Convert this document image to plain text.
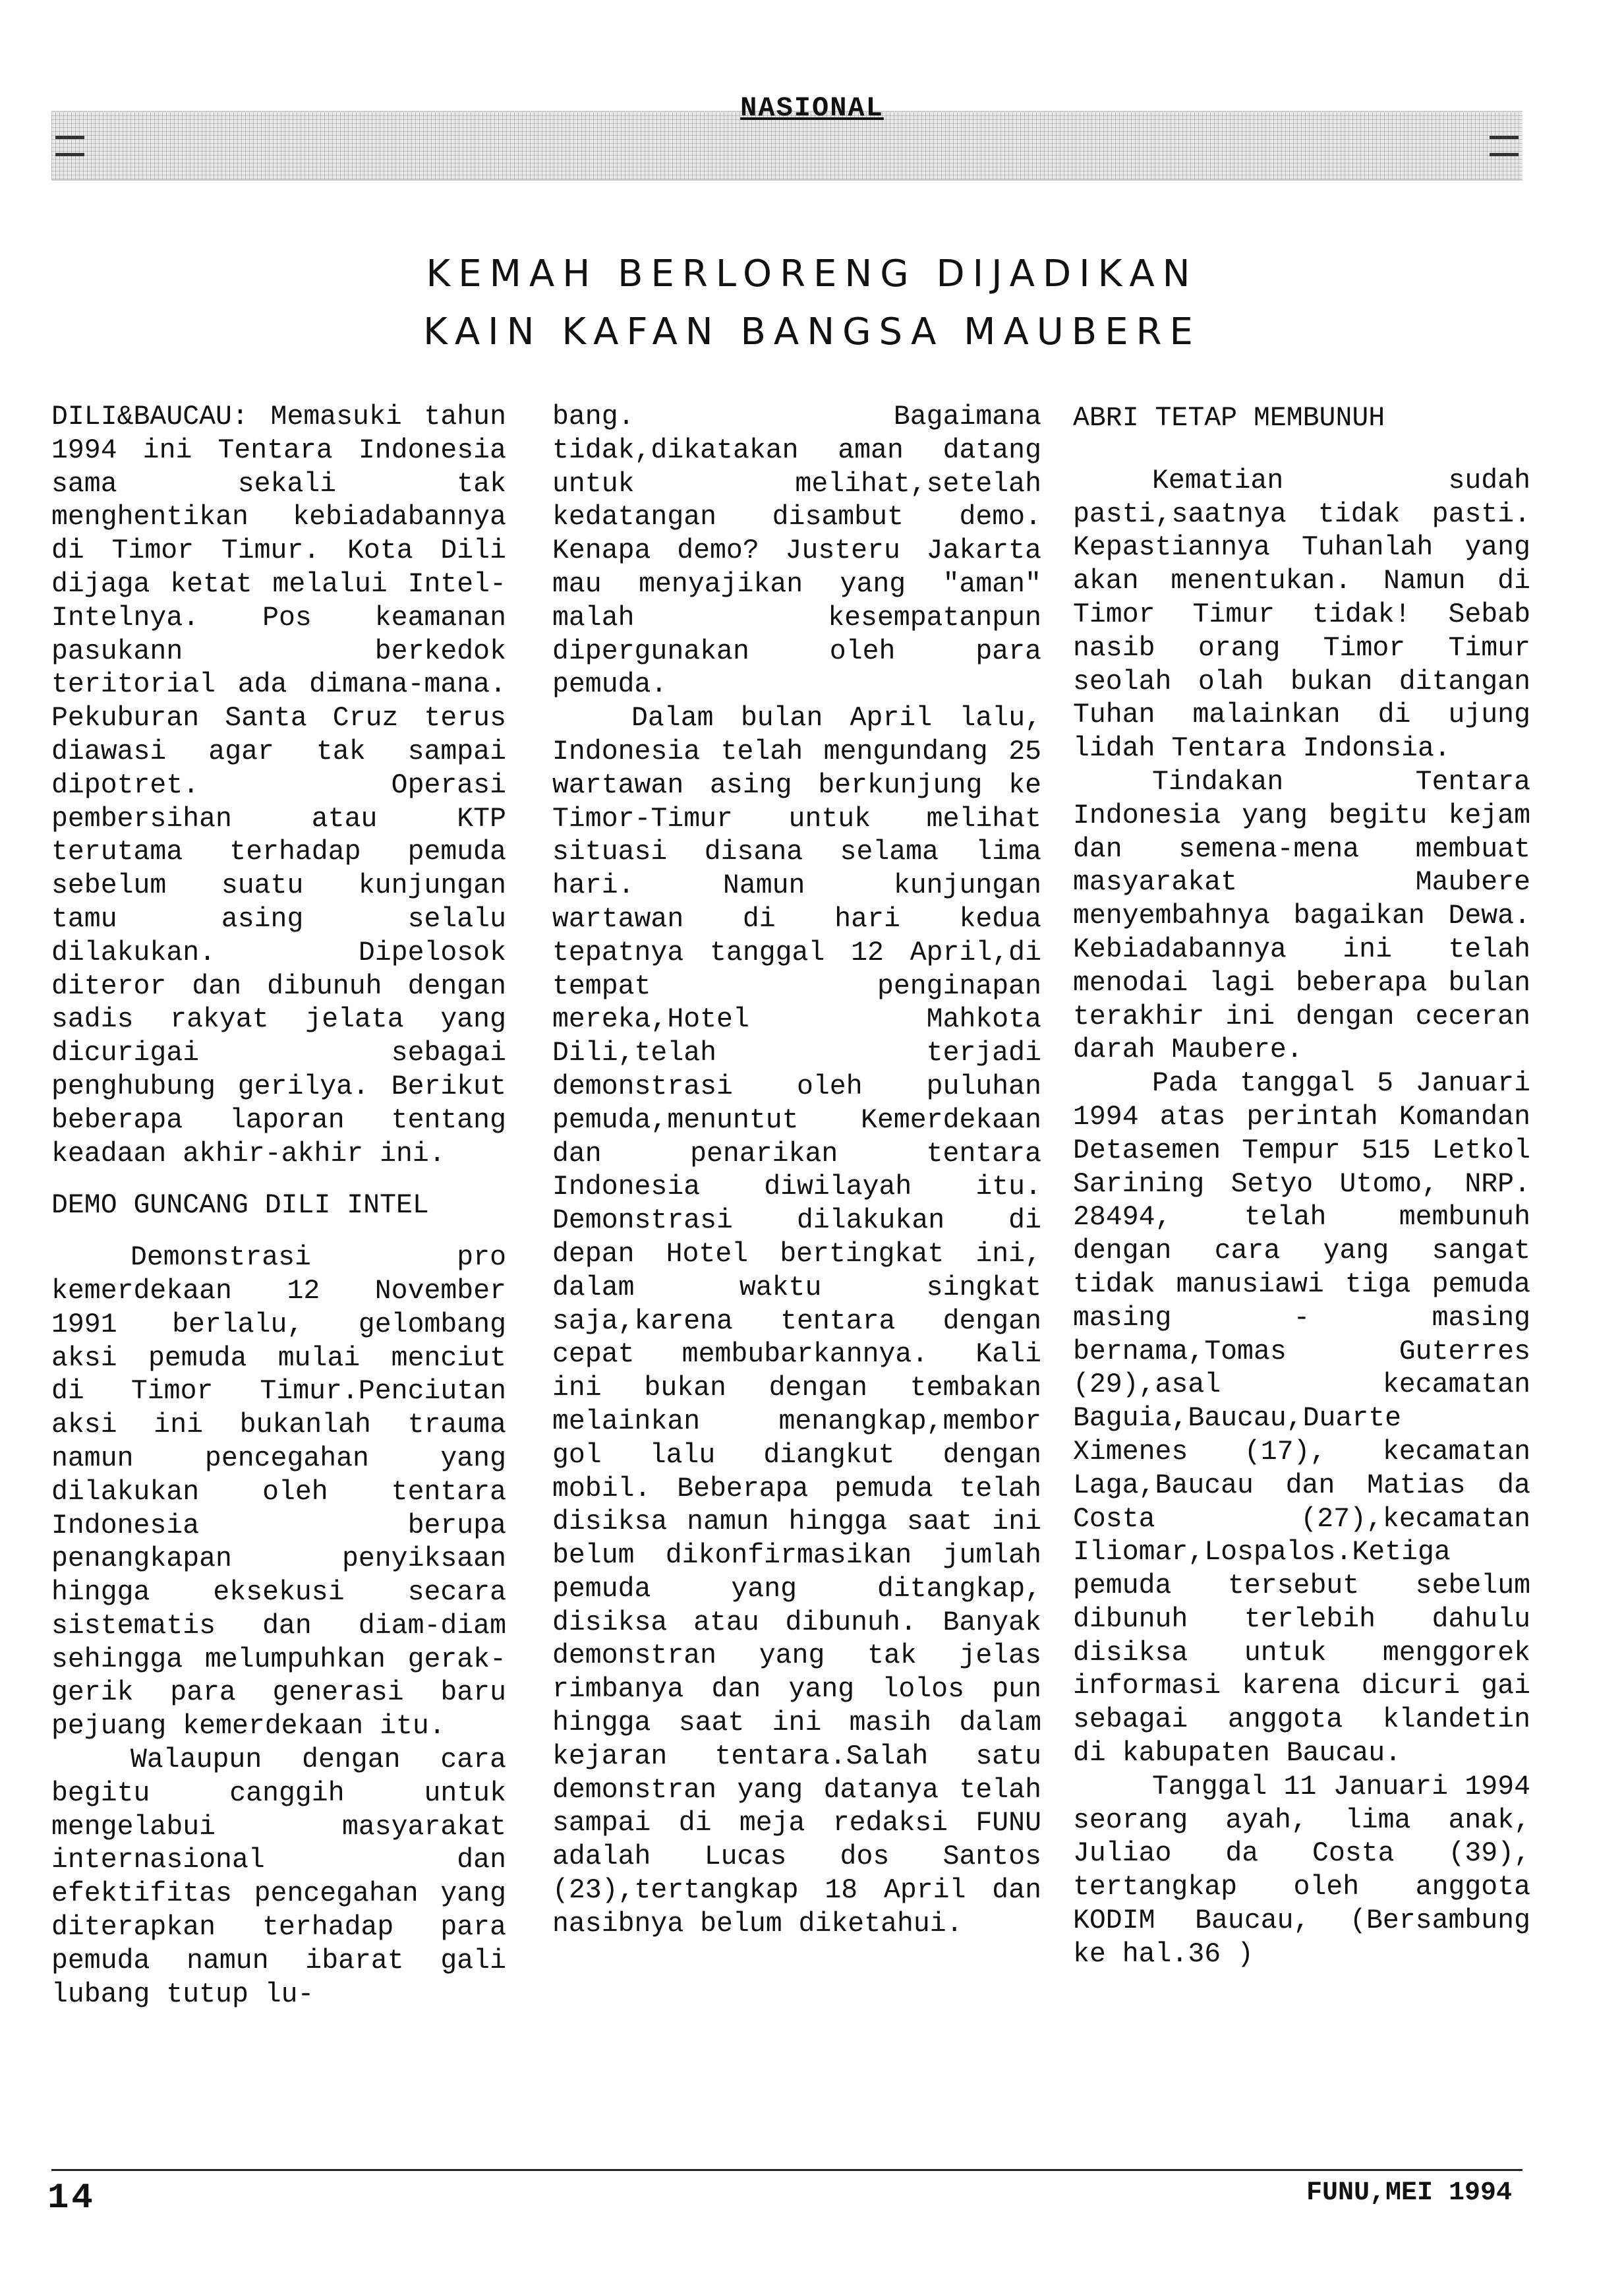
NASIONAL
KEMAH BERLORENG DIJADIKAN
KAIN KAFAN BANGSA MAUBERE

DILI&BAUCAU: Memasuki tahun 1994 ini Tentara Indonesia sama sekali tak menghentikan kebiadabannya di Timor Timur. Kota Dili dijaga ketat melalui Intel-Intelnya. Pos keamanan pasukann berkedok teritorial ada dimana-mana. Pekuburan Santa Cruz terus diawasi agar tak sampai dipotret. Operasi pembersihan atau KTP terutama terhadap pemuda sebelum suatu kunjungan tamu asing selalu dilakukan. Dipelosok diteror dan dibunuh dengan sadis rakyat jelata yang dicurigai sebagai penghubung gerilya. Berikut beberapa laporan tentang keadaan akhir-akhir ini.

DEMO GUNCANG DILI INTEL

Demonstrasi pro kemerdekaan 12 November 1991 berlalu, gelombang aksi pemuda mulai menciut di Timor Timur.Penciutan aksi ini bukanlah trauma namun pencegahan yang dilakukan oleh tentara Indonesia berupa penangkapan penyiksaan hingga eksekusi secara sistematis dan diam-diam sehingga melumpuhkan gerak-gerik para generasi baru pejuang kemerdekaan itu.

Walaupun dengan cara begitu canggih untuk mengelabui masyarakat internasional dan efektifitas pencegahan yang diterapkan terhadap para pemuda namun ibarat gali lubang tutup lu-

bang. Bagaimana tidak,dikatakan aman datang untuk melihat,setelah kedatangan disambut demo. Kenapa demo? Justeru Jakarta mau menyajikan yang "aman" malah kesempatanpun dipergunakan oleh para pemuda.

Dalam bulan April lalu, Indonesia telah mengundang 25 wartawan asing berkunjung ke Timor-Timur untuk melihat situasi disana selama lima hari. Namun kunjungan wartawan di hari kedua tepatnya tanggal 12 April,di tempat penginapan mereka,Hotel Mahkota Dili,telah terjadi demonstrasi oleh puluhan pemuda,menuntut Kemerdekaan dan penarikan tentara Indonesia diwilayah itu. Demonstrasi dilakukan di depan Hotel bertingkat ini, dalam waktu singkat saja,karena tentara dengan cepat membubarkannya. Kali ini bukan dengan tembakan melainkan menangkap,membor gol lalu diangkut dengan mobil. Beberapa pemuda telah disiksa namun hingga saat ini belum dikonfirmasikan jumlah pemuda yang ditangkap, disiksa atau dibunuh. Banyak demonstran yang tak jelas rimbanya dan yang lolos pun hingga saat ini masih dalam kejaran tentara.Salah satu demonstran yang datanya telah sampai di meja redaksi FUNU adalah Lucas dos Santos (23),tertangkap 18 April dan nasibnya belum diketahui.

ABRI TETAP MEMBUNUH

Kematian sudah pasti,saatnya tidak pasti. Kepastiannya Tuhanlah yang akan menentukan. Namun di Timor Timur tidak! Sebab nasib orang Timor Timur seolah olah bukan ditangan Tuhan malainkan di ujung lidah Tentara Indonsia.

Tindakan Tentara Indonesia yang begitu kejam dan semena-mena membuat masyarakat Maubere menyembahnya bagaikan Dewa. Kebiadabannya ini telah menodai lagi beberapa bulan terakhir ini dengan ceceran darah Maubere.

Pada tanggal 5 Januari 1994 atas perintah Komandan Detasemen Tempur 515 Letkol Sarining Setyo Utomo, NRP. 28494, telah membunuh dengan cara yang sangat tidak manusiawi tiga pemuda masing - masing bernama,Tomas Guterres (29),asal kecamatan Baguia,Baucau,Duarte Ximenes (17), kecamatan Laga,Baucau dan Matias da Costa (27),kecamatan Iliomar,Lospalos.Ketiga pemuda tersebut sebelum dibunuh terlebih dahulu disiksa untuk menggorek informasi karena dicuri gai sebagai anggota klandetin di kabupaten Baucau.

Tanggal 11 Januari 1994 seorang ayah, lima anak, Juliao da Costa (39), tertangkap oleh anggota KODIM Baucau, (Bersambung ke hal.36 )

14	FUNU,MEI 1994
